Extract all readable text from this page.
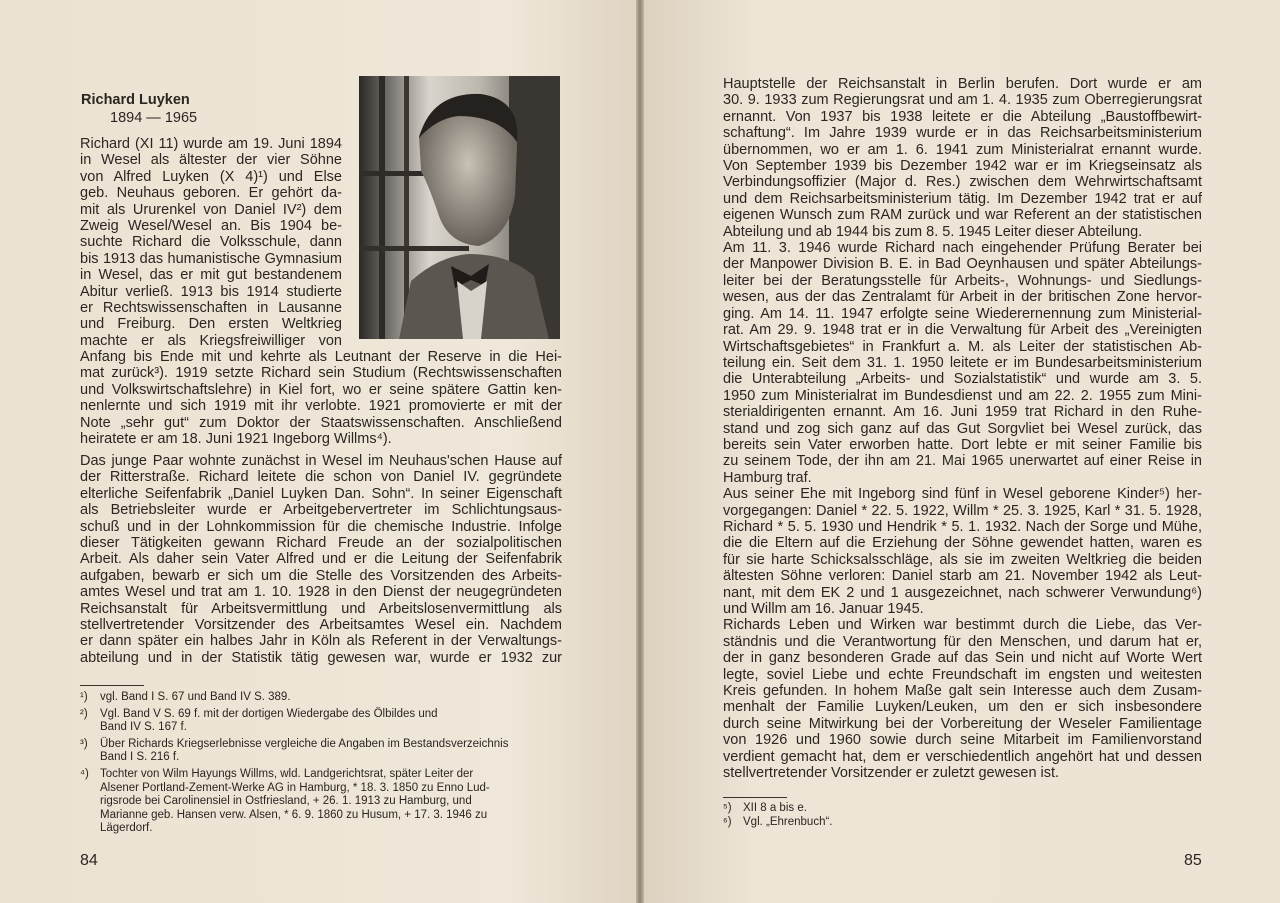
Richard Luyken
1894 — 1965
Richard (XI 11) wurde am 19. Juni 1894
in Wesel als ältester der vier Söhne
von Alfred Luyken (X 4)¹) und Else
geb. Neuhaus geboren. Er gehört da-
mit als Ururenkel von Daniel IV²) dem
Zweig Wesel/Wesel an. Bis 1904 be-
suchte Richard die Volksschule, dann
bis 1913 das humanistische Gymnasium
in Wesel, das er mit gut bestandenem
Abitur verließ. 1913 bis 1914 studierte
er Rechtswissenschaften in Lausanne
und Freiburg. Den ersten Weltkrieg
machte er als Kriegsfreiwilliger von
Anfang bis Ende mit und kehrte als Leutnant der Reserve in die Hei-
mat zurück³). 1919 setzte Richard sein Studium (Rechtswissenschaften
und Volkswirtschaftslehre) in Kiel fort, wo er seine spätere Gattin ken-
nenlernte und sich 1919 mit ihr verlobte. 1921 promovierte er mit der
Note „sehr gut“ zum Doktor der Staatswissenschaften. Anschließend
heiratete er am 18. Juni 1921 Ingeborg Willms⁴).
Das junge Paar wohnte zunächst in Wesel im Neuhaus'schen Hause auf
der Ritterstraße. Richard leitete die schon von Daniel IV. gegründete
elterliche Seifenfabrik „Daniel Luyken Dan. Sohn“. In seiner Eigenschaft
als Betriebsleiter wurde er Arbeitgebervertreter im Schlichtungsaus-
schuß und in der Lohnkommission für die chemische Industrie. Infolge
dieser Tätigkeiten gewann Richard Freude an der sozialpolitischen
Arbeit. Als daher sein Vater Alfred und er die Leitung der Seifenfabrik
aufgaben, bewarb er sich um die Stelle des Vorsitzenden des Arbeits-
amtes Wesel und trat am 1. 10. 1928 in den Dienst der neugegründeten
Reichsanstalt für Arbeitsvermittlung und Arbeitslosenvermittlung als
stellvertretender Vorsitzender des Arbeitsamtes Wesel ein. Nachdem
er dann später ein halbes Jahr in Köln als Referent in der Verwaltungs-
abteilung und in der Statistik tätig gewesen war, wurde er 1932 zur
¹) vgl. Band I S. 67 und Band IV S. 389.
²) Vgl. Band V S. 69 f. mit der dortigen Wiedergabe des Ölbildes und
Band IV S. 167 f.
³) Über Richards Kriegserlebnisse vergleiche die Angaben im Bestandsverzeichnis
Band I S. 216 f.
⁴) Tochter von Wilm Hayungs Willms, wld. Landgerichtsrat, später Leiter der
Alsener Portland-Zement-Werke AG in Hamburg, * 18. 3. 1850 zu Enno Lud-
rigsrode bei Carolinensiel in Ostfriesland, + 26. 1. 1913 zu Hamburg, und
Marianne geb. Hansen verw. Alsen, * 6. 9. 1860 zu Husum, + 17. 3. 1946 zu
Lägerdorf.
84
Hauptstelle der Reichsanstalt in Berlin berufen. Dort wurde er am
30. 9. 1933 zum Regierungsrat und am 1. 4. 1935 zum Oberregierungsrat
ernannt. Von 1937 bis 1938 leitete er die Abteilung „Baustoffbewirt-
schaftung“. Im Jahre 1939 wurde er in das Reichsarbeitsministerium
übernommen, wo er am 1. 6. 1941 zum Ministerialrat ernannt wurde.
Von September 1939 bis Dezember 1942 war er im Kriegseinsatz als
Verbindungsoffizier (Major d. Res.) zwischen dem Wehrwirtschaftsamt
und dem Reichsarbeitsministerium tätig. Im Dezember 1942 trat er auf
eigenen Wunsch zum RAM zurück und war Referent an der statistischen
Abteilung und ab 1944 bis zum 8. 5. 1945 Leiter dieser Abteilung.
Am 11. 3. 1946 wurde Richard nach eingehender Prüfung Berater bei
der Manpower Division B. E. in Bad Oeynhausen und später Abteilungs-
leiter bei der Beratungsstelle für Arbeits-, Wohnungs- und Siedlungs-
wesen, aus der das Zentralamt für Arbeit in der britischen Zone hervor-
ging. Am 14. 11. 1947 erfolgte seine Wiederernennung zum Ministerial-
rat. Am 29. 9. 1948 trat er in die Verwaltung für Arbeit des „Vereinigten
Wirtschaftsgebietes“ in Frankfurt a. M. als Leiter der statistischen Ab-
teilung ein. Seit dem 31. 1. 1950 leitete er im Bundesarbeitsministerium
die Unterabteilung „Arbeits- und Sozialstatistik“ und wurde am 3. 5.
1950 zum Ministerialrat im Bundesdienst und am 22. 2. 1955 zum Mini-
sterialdirigenten ernannt. Am 16. Juni 1959 trat Richard in den Ruhe-
stand und zog sich ganz auf das Gut Sorgvliet bei Wesel zurück, das
bereits sein Vater erworben hatte. Dort lebte er mit seiner Familie bis
zu seinem Tode, der ihn am 21. Mai 1965 unerwartet auf einer Reise in
Hamburg traf.
Aus seiner Ehe mit Ingeborg sind fünf in Wesel geborene Kinder⁵) her-
vorgegangen: Daniel * 22. 5. 1922, Willm * 25. 3. 1925, Karl * 31. 5. 1928,
Richard * 5. 5. 1930 und Hendrik * 5. 1. 1932. Nach der Sorge und Mühe,
die die Eltern auf die Erziehung der Söhne gewendet hatten, waren es
für sie harte Schicksalsschläge, als sie im zweiten Weltkrieg die beiden
ältesten Söhne verloren: Daniel starb am 21. November 1942 als Leut-
nant, mit dem EK 2 und 1 ausgezeichnet, nach schwerer Verwundung⁶)
und Willm am 16. Januar 1945.
Richards Leben und Wirken war bestimmt durch die Liebe, das Ver-
ständnis und die Verantwortung für den Menschen, und darum hat er,
der in ganz besonderen Grade auf das Sein und nicht auf Worte Wert
legte, soviel Liebe und echte Freundschaft im engsten und weitesten
Kreis gefunden. In hohem Maße galt sein Interesse auch dem Zusam-
menhalt der Familie Luyken/Leuken, um den er sich insbesondere
durch seine Mitwirkung bei der Vorbereitung der Weseler Familientage
von 1926 und 1960 sowie durch seine Mitarbeit im Familienvorstand
verdient gemacht hat, dem er verschiedentlich angehört hat und dessen
stellvertretender Vorsitzender er zuletzt gewesen ist.
⁵) XII 8 a bis e.
⁶) Vgl. „Ehrenbuch“.
85
